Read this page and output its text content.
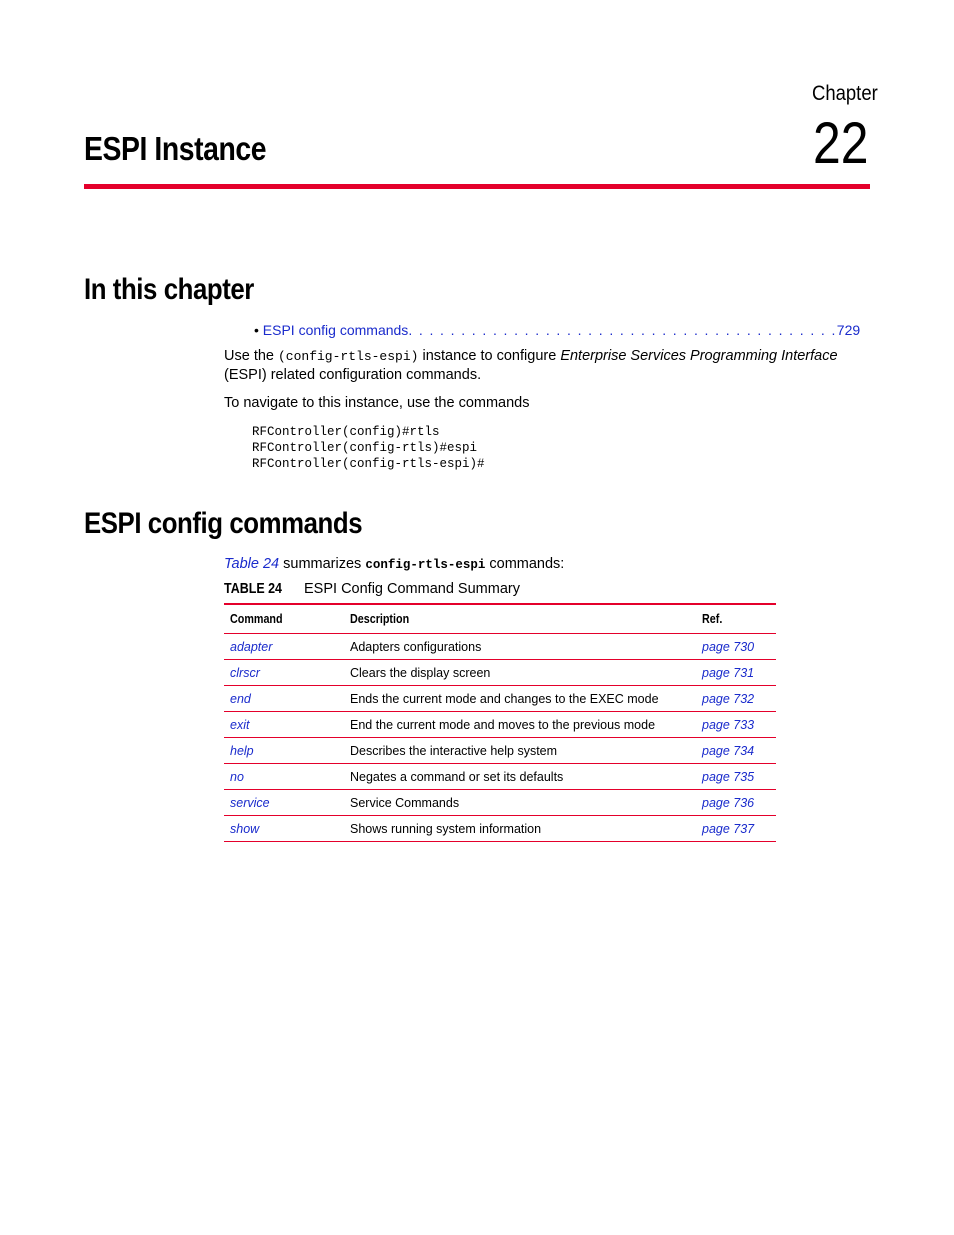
Chapter
22
ESPI Instance
In this chapter
• ESPI config commands. . . . . . . . . . . . . . . . . . . . . . . . . . . . . . . . . . . . . . . . .729
Use the (config-rtls-espi) instance to configure Enterprise Services Programming Interface (ESPI) related configuration commands.
To navigate to this instance, use the commands
RFController(config)#rtls
RFController(config-rtls)#espi
RFController(config-rtls-espi)#
ESPI config commands
Table 24 summarizes config-rtls-espi commands:
TABLE 24 ESPI Config Command Summary
Command	Description	Ref.
adapter	Adapters configurations	page 730
clrscr	Clears the display screen	page 731
end	Ends the current mode and changes to the EXEC mode	page 732
exit	End the current mode and moves to the previous mode	page 733
help	Describes the interactive help system	page 734
no	Negates a command or set its defaults	page 735
service	Service Commands	page 736
show	Shows running system information	page 737
